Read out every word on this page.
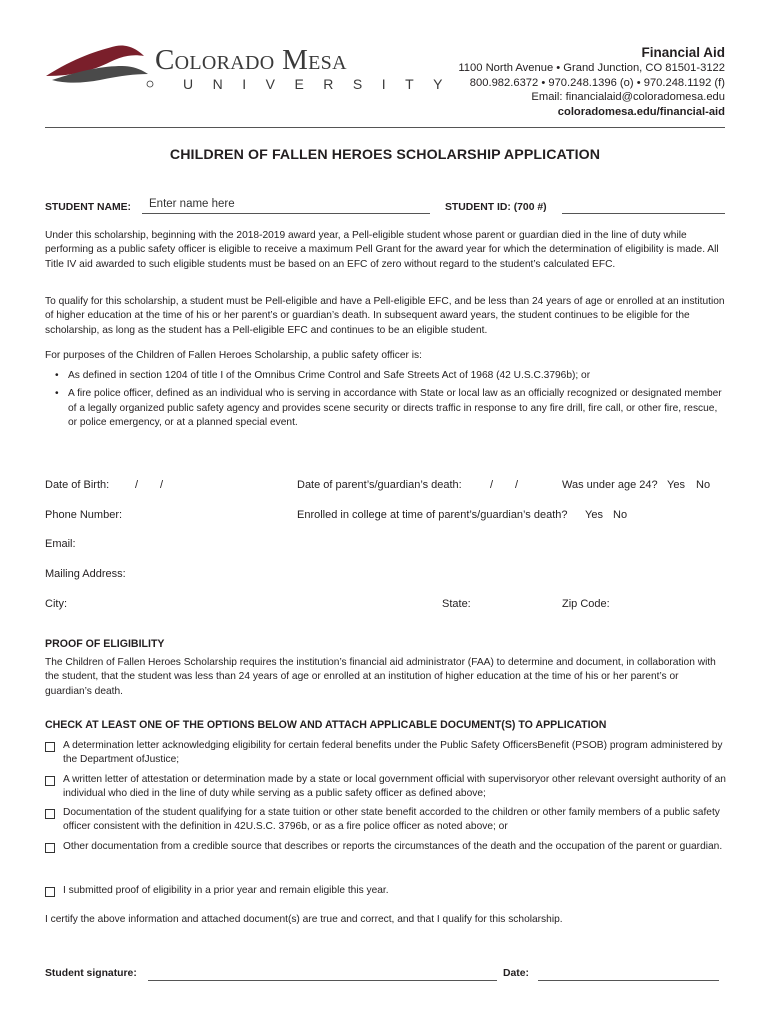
Colorado Mesa
UNIVERSITY
Financial Aid
1100 North Avenue • Grand Junction, CO 81501-3122
800.982.6372 • 970.248.1396 (o) • 970.248.1192 (f)
Email: financialaid@coloradomesa.edu
coloradomesa.edu/financial-aid
CHILDREN OF FALLEN HEROES SCHOLARSHIP APPLICATION
STUDENT NAME: Enter name here	STUDENT ID: (700 #)
Under this scholarship, beginning with the 2018-2019 award year, a Pell-eligible student whose parent or guardian died in the line of duty while performing as a public safety officer is eligible to receive a maximum Pell Grant for the award year for which the determination of eligibility is made. All Title IV aid awarded to such eligible students must be based on an EFC of zero without regard to the student’s calculated EFC.
To qualify for this scholarship, a student must be Pell-eligible and have a Pell-eligible EFC, and be less than 24 years of age or enrolled at an institution of higher education at the time of his or her parent’s or guardian’s death. In subsequent award years, the student continues to be eligible for the scholarship, as long as the student has a Pell-eligible EFC and continues to be an eligible student.
For purposes of the Children of Fallen Heroes Scholarship, a public safety officer is:
• As defined in section 1204 of title I of the Omnibus Crime Control and Safe Streets Act of 1968 (42 U.S.C.3796b); or
• A fire police officer, defined as an individual who is serving in accordance with State or local law as an officially recognized or designated member of a legally organized public safety agency and provides scene security or directs traffic in response to any fire drill, fire call, or other fire, rescue, or police emergency, or at a planned special event.
Date of Birth: / /	Date of parent’s/guardian’s death:	/ /	Was under age 24? Yes No
Phone Number:	Enrolled in college at time of parent’s/guardian’s death? Yes No
Email:
Mailing Address:
City:	State:	Zip Code:
PROOF OF ELIGIBILITY
The Children of Fallen Heroes Scholarship requires the institution’s financial aid administrator (FAA) to determine and document, in collaboration with the student, that the student was less than 24 years of age or enrolled at an institution of higher education at the time of his or her parent’s or guardian’s death.
CHECK AT LEAST ONE OF THE OPTIONS BELOW AND ATTACH APPLICABLE DOCUMENT(S) TO APPLICATION
A determination letter acknowledging eligibility for certain federal benefits under the Public Safety OfficersBenefit (PSOB) program administered by the Department ofJustice;
A written letter of attestation or determination made by a state or local government official with supervisoryor other relevant oversight authority of an individual who died in the line of duty while serving as a public safety officer as defined above;
Documentation of the student qualifying for a state tuition or other state benefit accorded to the children or other family members of a public safety officer consistent with the definition in 42U.S.C. 3796b, or as a fire police officer as noted above; or
Other documentation from a credible source that describes or reports the circumstances of the death and the occupation of the parent or guardian.
I submitted proof of eligibility in a prior year and remain eligible this year.
I certify the above information and attached document(s) are true and correct, and that I qualify for this scholarship.
Student signature:	Date:
